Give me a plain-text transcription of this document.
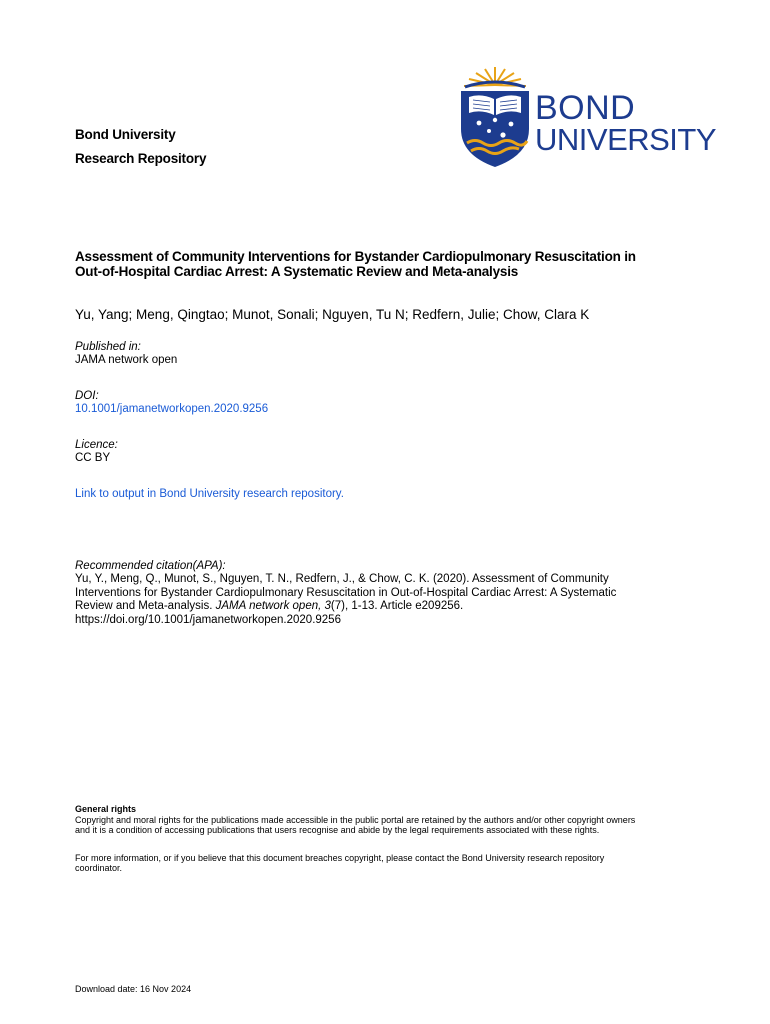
BOND
UNIVERSITY
Bond University
Research Repository
Assessment of Community Interventions for Bystander Cardiopulmonary Resuscitation in
Out-of-Hospital Cardiac Arrest: A Systematic Review and Meta-analysis
Yu, Yang; Meng, Qingtao; Munot, Sonali; Nguyen, Tu N; Redfern, Julie; Chow, Clara K
Published in:
JAMA network open
DOI:
10.1001/jamanetworkopen.2020.9256
Licence:
CC BY
Link to output in Bond University research repository.
Recommended citation(APA):
Yu, Y., Meng, Q., Munot, S., Nguyen, T. N., Redfern, J., & Chow, C. K. (2020). Assessment of Community
Interventions for Bystander Cardiopulmonary Resuscitation in Out-of-Hospital Cardiac Arrest: A Systematic
Review and Meta-analysis. JAMA network open, 3(7), 1-13. Article e209256.
https://doi.org/10.1001/jamanetworkopen.2020.9256
General rights
Copyright and moral rights for the publications made accessible in the public portal are retained by the authors and/or other copyright owners
and it is a condition of accessing publications that users recognise and abide by the legal requirements associated with these rights.
For more information, or if you believe that this document breaches copyright, please contact the Bond University research repository
coordinator.
Download date: 16 Nov 2024
